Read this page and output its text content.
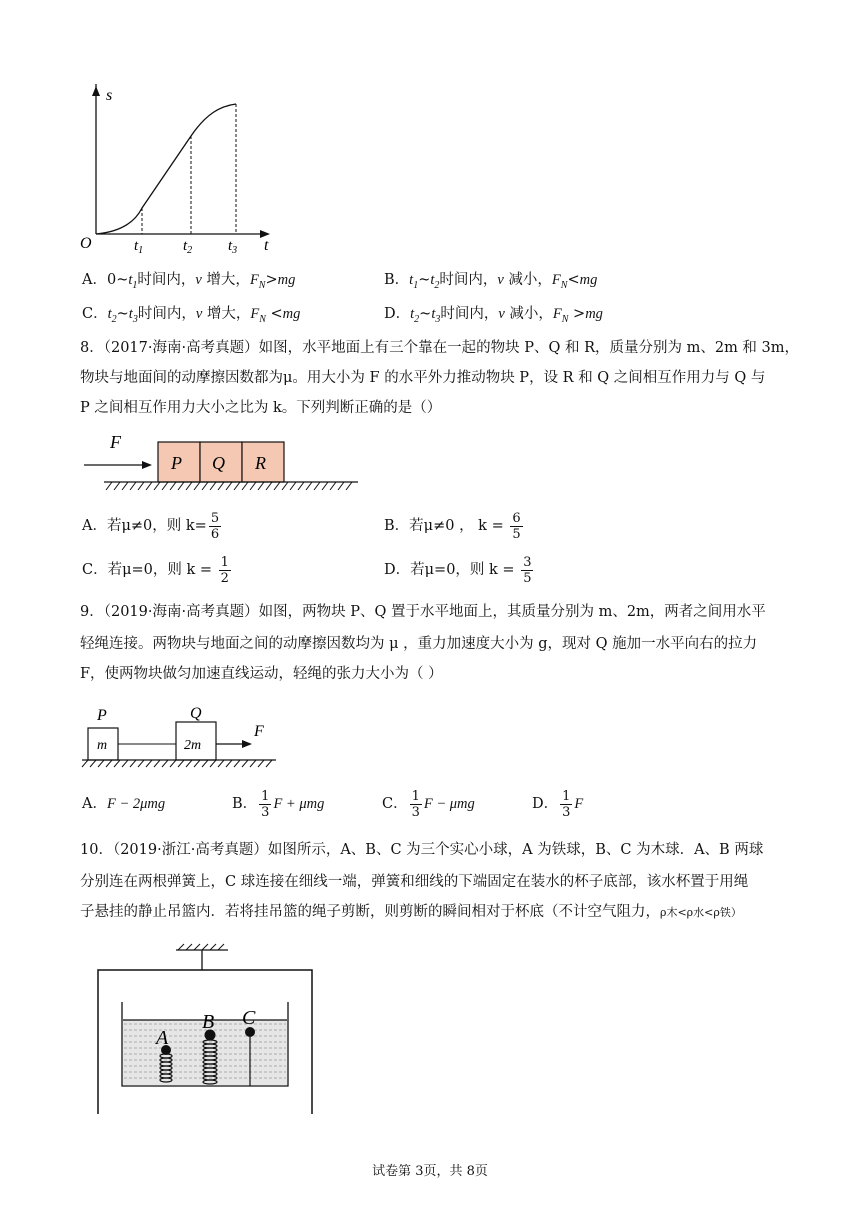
s
t
O	$t_1$	$t_2$ $t_3$
A．$0\sim t_1$时间内，v 增大，$F_N>mg$	B．$t_1\sim t_2$时间内，v 减小，$F_N<mg$
C．$t_2\sim t_3$时间内，v 增大，$F_N <mg$	D．$t_2\sim t_3$时间内，v 减小，$F_N >mg$
8．（2017·海南·高考真题）如图，水平地面上有三个靠在一起的物块 P、Q 和 R，质量分别为 m、2m 和 3m，
物块与地面间的动摩擦因数都为μ。用大小为 F 的水平外力推动物块 P，设 R 和 Q 之间相互作用力与 Q 与
P 之间相互作用力大小之比为 k。下列判断正确的是（）
F
P Q R
A．若μ≠0，则 $k= \frac{5}{6}$	B．若μ≠0 ， $k = \frac{6}{5}$
C．若μ=0，则 $k = \frac{1}{2}$	D．若μ=0，则 $k = \frac{3}{5}$
9．（2019·海南·高考真题）如图，两物块 P、Q 置于水平地面上，其质量分别为 m、2m，两者之间用水平
轻绳连接。两物块与地面之间的动摩擦因数均为 μ ，重力加速度大小为 g，现对 Q 施加一水平向右的拉力
F，使两物块做匀加速直线运动，轻绳的张力大小为（ ）
P	Q
m	2m
F
A．F − 2μmg	B． $\frac{1}{3}$ F + μmg	C． $\frac{1}{3}$ F − μmg	D． $\frac{1}{3}$ F
10．（2019·浙江·高考真题）如图所示，A、B、C 为三个实心小球，A 为铁球，B、C 为木球．A、B 两球
分别连在两根弹簧上，C 球连接在细线一端，弹簧和细线的下端固定在装水的杯子底部，该水杯置于用绳
子悬挂的静止吊篮内．若将挂吊篮的绳子剪断，则剪断的瞬间相对于杯底（不计空气阻力，ρ木<ρ水<ρ铁）
A
B C
试卷第 3页，共 8页
